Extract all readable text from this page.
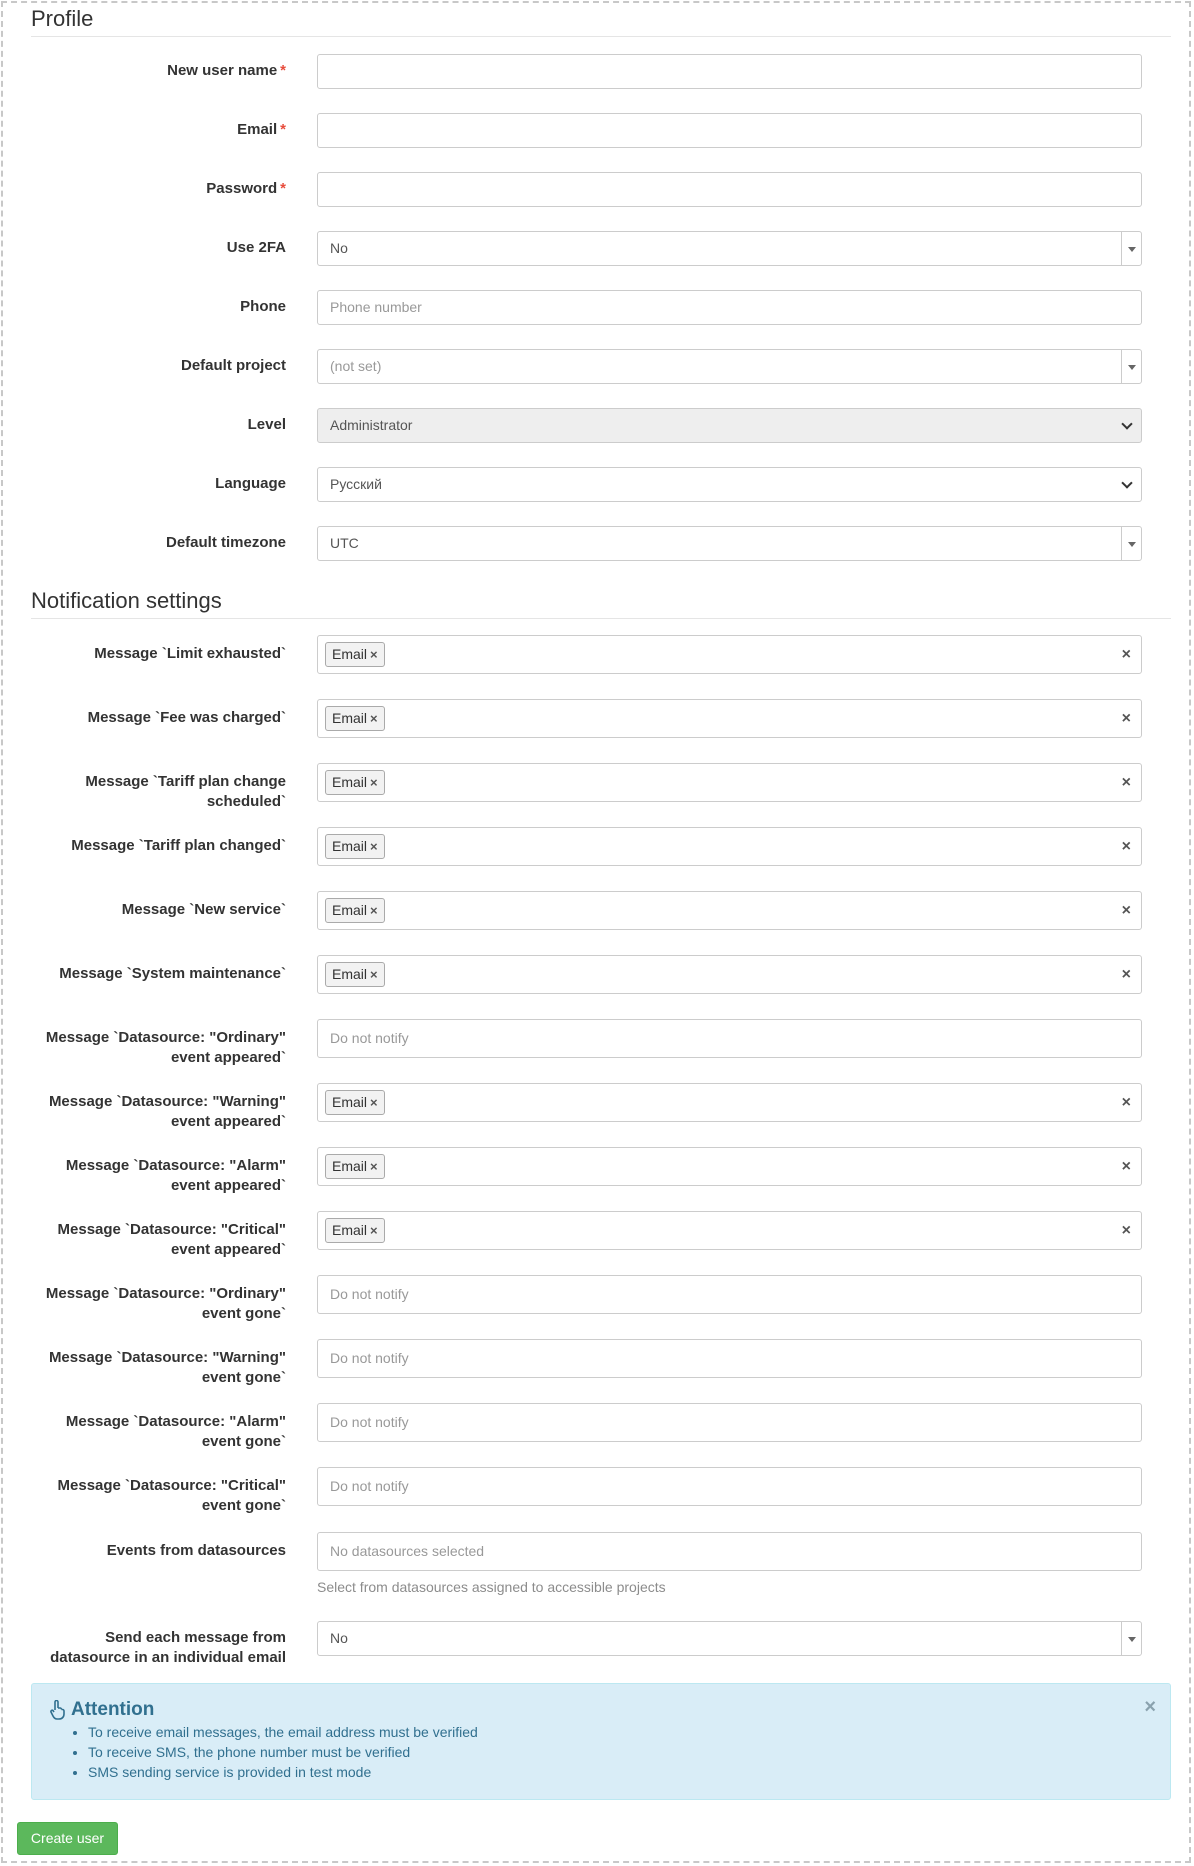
Profile
New user name *
Email *
Password *
Use 2FA	No
Phone	Phone number
Default project	(not set)
Level	Administrator
Language	Русский
Default timezone	UTC
Notification settings
Message `Limit exhausted`	Email ×	×
Message `Fee was charged`	Email ×	×
Message `Tariff plan change
scheduled`
Email ×	×
Message `Tariff plan changed`	Email ×	×
Message `New service`	Email ×	×
Message `System maintenance`	Email ×	×
Message `Datasource: "Ordinary"
event appeared`
Do not notify
Message `Datasource: "Warning"
event appeared`
Email ×	×
Message `Datasource: "Alarm"
event appeared`
Email ×	×
Message `Datasource: "Critical"
event appeared`
Email ×	×
Message `Datasource: "Ordinary"
event gone`
Do not notify
Message `Datasource: "Warning"
event gone`
Do not notify
Message `Datasource: "Alarm"
event gone`
Do not notify
Message `Datasource: "Critical"
event gone`
Do not notify
Events from datasources	No datasources selected
Select from datasources assigned to accessible projects
Send each message from
datasource in an individual email
No
Attention
• To receive email messages, the email address must be verified
• To receive SMS, the phone number must be verified
• SMS sending service is provided in test mode
×
Create user
